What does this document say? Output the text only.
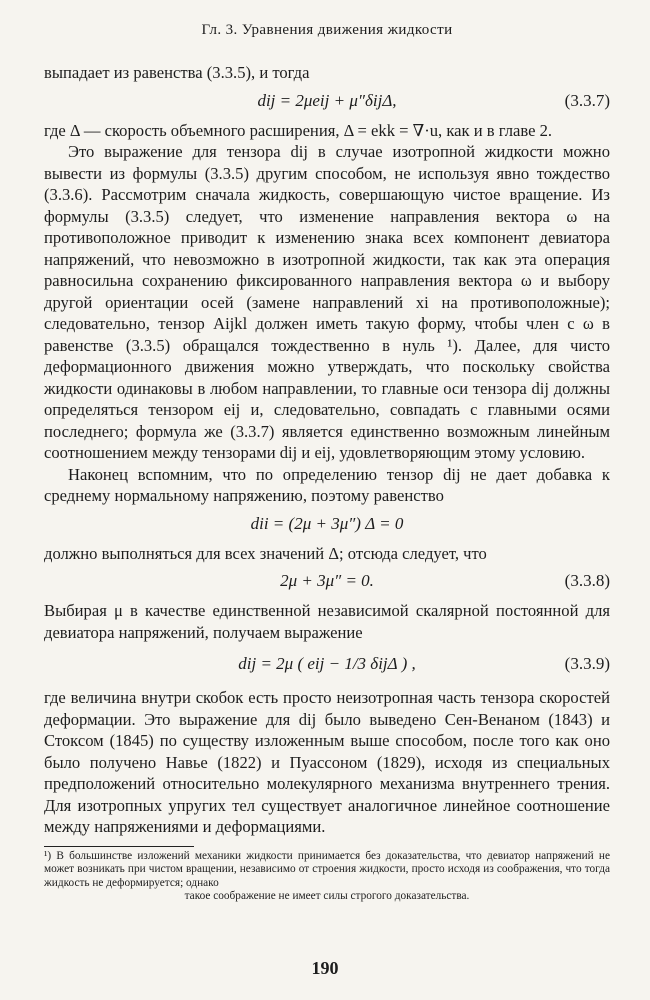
Гл. 3. Уравнения движения жидкости

выпадает из равенства (3.3.5), и тогда

dij = 2μeij + μ″δijΔ,	(3.3.7)

где Δ — скорость объемного расширения, Δ = ekk = ∇·u, как и в главе 2.

Это выражение для тензора dij в случае изотропной жидкости можно вывести из формулы (3.3.5) другим способом, не используя явно тождество (3.3.6). Рассмотрим сначала жидкость, совершающую чистое вращение. Из формулы (3.3.5) следует, что изменение направления вектора ω на противоположное приводит к изменению знака всех компонент девиатора напряжений, что невозможно в изотропной жидкости, так как эта операция равносильна сохранению фиксированного направления вектора ω и выбору другой ориентации осей (замене направлений xi на противоположные); следовательно, тензор Aijkl должен иметь такую форму, чтобы член с ω в равенстве (3.3.5) обращался тождественно в нуль ¹). Далее, для чисто деформационного движения можно утверждать, что поскольку свойства жидкости одинаковы в любом направлении, то главные оси тензора dij должны определяться тензором eij и, следовательно, совпадать с главными осями последнего; формула же (3.3.7) является единственно возможным линейным соотношением между тензорами dij и eij, удовлетворяющим этому условию.

Наконец вспомним, что по определению тензор dij не дает добавка к среднему нормальному напряжению, поэтому равенство

dii = (2μ + 3μ″) Δ = 0

должно выполняться для всех значений Δ; отсюда следует, что

2μ + 3μ″ = 0.	(3.3.8)

Выбирая μ в качестве единственной независимой скалярной постоянной для девиатора напряжений, получаем выражение

dij = 2μ ( eij − 1/3 δijΔ ) ,	(3.3.9)

где величина внутри скобок есть просто неизотропная часть тензора скоростей деформации. Это выражение для dij было выведено Сен-Венаном (1843) и Стоксом (1845) по существу изложенным выше способом, после того как оно было получено Навье (1822) и Пуассоном (1829), исходя из специальных предположений относительно молекулярного механизма внутреннего трения. Для изотропных упругих тел существует аналогичное линейное соотношение между напряжениями и деформациями.

¹) В большинстве изложений механики жидкости принимается без доказательства, что девиатор напряжений не может возникать при чистом вращении, независимо от строения жидкости, просто исходя из соображения, что тогда жидкость не деформируется; однако
такое соображение не имеет силы строгого доказательства.

190
